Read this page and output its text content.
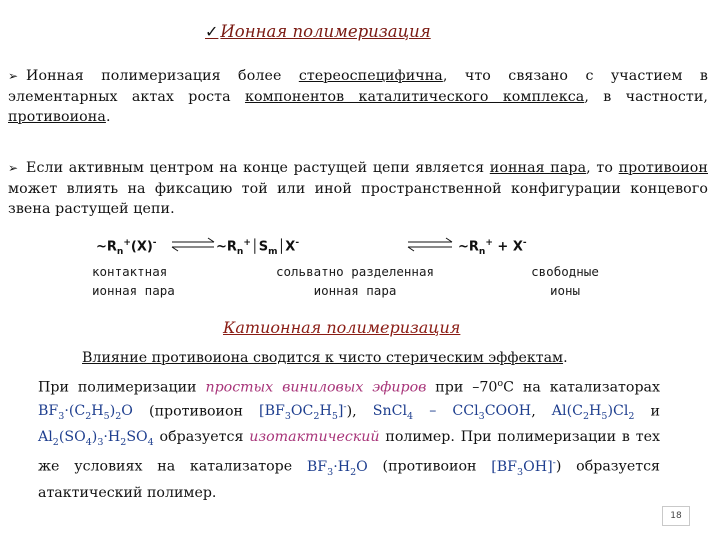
✓ Ионная полимеризация
➢ Ионная полимеризация более стереоспецифична, что связано с участием в элементарных актах роста компонентов каталитического комплекса, в частности, противоиона.
➢ Если активным центром на конце растущей цепи является ионная пара, то противоион может влиять на фиксацию той или иной пространственной конфигурации концевого звена растущей цепи.
$\sim R_n^+(X)^-$ ⇌
$\sim R_n^+│S_m│X^-$	⇌ $\sim R_n^+ + X^-$
контактная
ионная пара
сольватно разделенная
ионная пара
свободные
ионы
Катионная полимеризация
Влияние противоиона сводится к чисто стерическим эффектам.
При полимеризации простых виниловых эфиров при $-70^оС$ на катализаторах $BF_3\cdot(C_2H_5)_2O$ (противоион $[BF_3OC_2H_5]^-$), SnCl$_4$ – CCl$_3$COOH, $Al(C_2H_5)Cl_2$ и $Al_2(SO_4)_3\cdot H_2SO_4$ образуется изотактический полимер. При полимеризации в тех же условиях на катализаторе $BF_3\cdot H_2O$ (противоион $[BF_3OH]^-$) образуется атактический полимер.
18
